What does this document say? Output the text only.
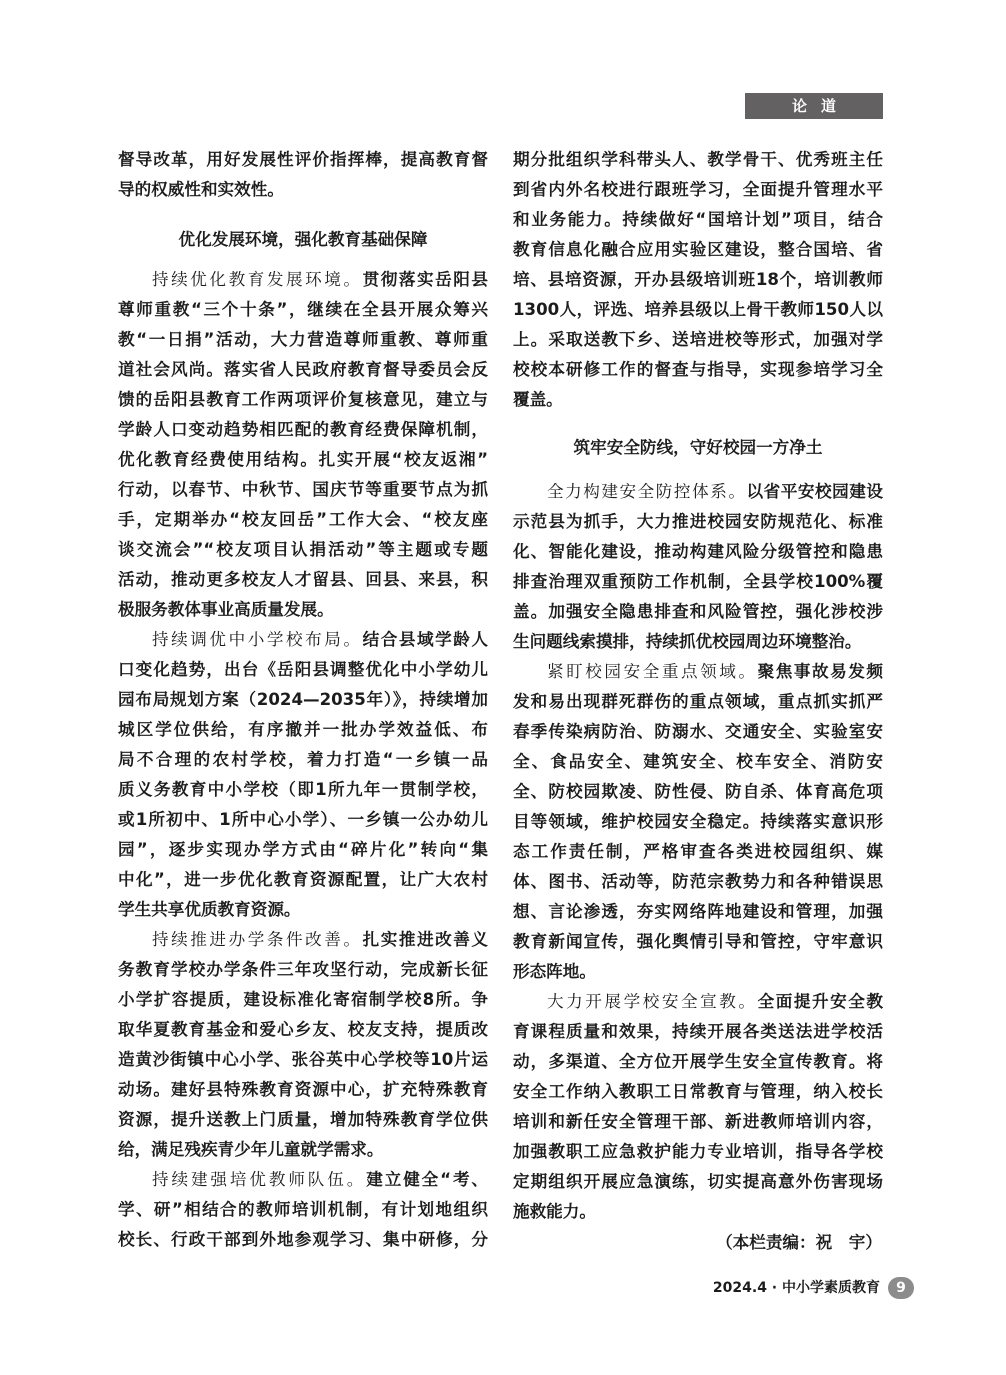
论道
督导改革，用好发展性评价指挥棒，提高教育督
导的权威性和实效性。
优化发展环境，强化教育基础保障
持续优化教育发展环境。贯彻落实岳阳县
尊师重教“三个十条”，继续在全县开展众筹兴
教“一日捐”活动，大力营造尊师重教、尊师重
道社会风尚。落实省人民政府教育督导委员会反
馈的岳阳县教育工作两项评价复核意见，建立与
学龄人口变动趋势相匹配的教育经费保障机制，
优化教育经费使用结构。扎实开展“校友返湘”
行动，以春节、中秋节、国庆节等重要节点为抓
手，定期举办“校友回岳”工作大会、“校友座
谈交流会”“校友项目认捐活动”等主题或专题
活动，推动更多校友人才留县、回县、来县，积
极服务教体事业高质量发展。
持续调优中小学校布局。结合县域学龄人
口变化趋势，出台《岳阳县调整优化中小学幼儿
园布局规划方案（2024—2035年）》，持续增加
城区学位供给，有序撤并一批办学效益低、布
局不合理的农村学校，着力打造“一乡镇一品
质义务教育中小学校（即1所九年一贯制学校，
或1所初中、1所中心小学）、一乡镇一公办幼儿
园”，逐步实现办学方式由“碎片化”转向“集
中化”，进一步优化教育资源配置，让广大农村
学生共享优质教育资源。
持续推进办学条件改善。扎实推进改善义
务教育学校办学条件三年攻坚行动，完成新长征
小学扩容提质，建设标准化寄宿制学校8所。争
取华夏教育基金和爱心乡友、校友支持，提质改
造黄沙街镇中心小学、张谷英中心学校等10片运
动场。建好县特殊教育资源中心，扩充特殊教育
资源，提升送教上门质量，增加特殊教育学位供
给，满足残疾青少年儿童就学需求。
持续建强培优教师队伍。建立健全“考、
学、研”相结合的教师培训机制，有计划地组织
校长、行政干部到外地参观学习、集中研修，分
期分批组织学科带头人、教学骨干、优秀班主任
到省内外名校进行跟班学习，全面提升管理水平
和业务能力。持续做好“国培计划”项目，结合
教育信息化融合应用实验区建设，整合国培、省
培、县培资源，开办县级培训班18个，培训教师
1300人，评选、培养县级以上骨干教师150人以
上。采取送教下乡、送培进校等形式，加强对学
校校本研修工作的督查与指导，实现参培学习全
覆盖。
筑牢安全防线，守好校园一方净土
全力构建安全防控体系。以省平安校园建设
示范县为抓手，大力推进校园安防规范化、标准
化、智能化建设，推动构建风险分级管控和隐患
排查治理双重预防工作机制，全县学校100%覆
盖。加强安全隐患排查和风险管控，强化涉校涉
生问题线索摸排，持续抓优校园周边环境整治。
紧盯校园安全重点领域。聚焦事故易发频
发和易出现群死群伤的重点领域，重点抓实抓严
春季传染病防治、防溺水、交通安全、实验室安
全、食品安全、建筑安全、校车安全、消防安
全、防校园欺凌、防性侵、防自杀、体育高危项
目等领域，维护校园安全稳定。持续落实意识形
态工作责任制，严格审查各类进校园组织、媒
体、图书、活动等，防范宗教势力和各种错误思
想、言论渗透，夯实网络阵地建设和管理，加强
教育新闻宣传，强化舆情引导和管控，守牢意识
形态阵地。
大力开展学校安全宣教。全面提升安全教
育课程质量和效果，持续开展各类送法进学校活
动，多渠道、全方位开展学生安全宣传教育。将
安全工作纳入教职工日常教育与管理，纳入校长
培训和新任安全管理干部、新进教师培训内容，
加强教职工应急救护能力专业培训，指导各学校
定期组织开展应急演练，切实提高意外伤害现场
施救能力。
（本栏责编：祝　宇）
2024.4 · 中小学素质教育	9
